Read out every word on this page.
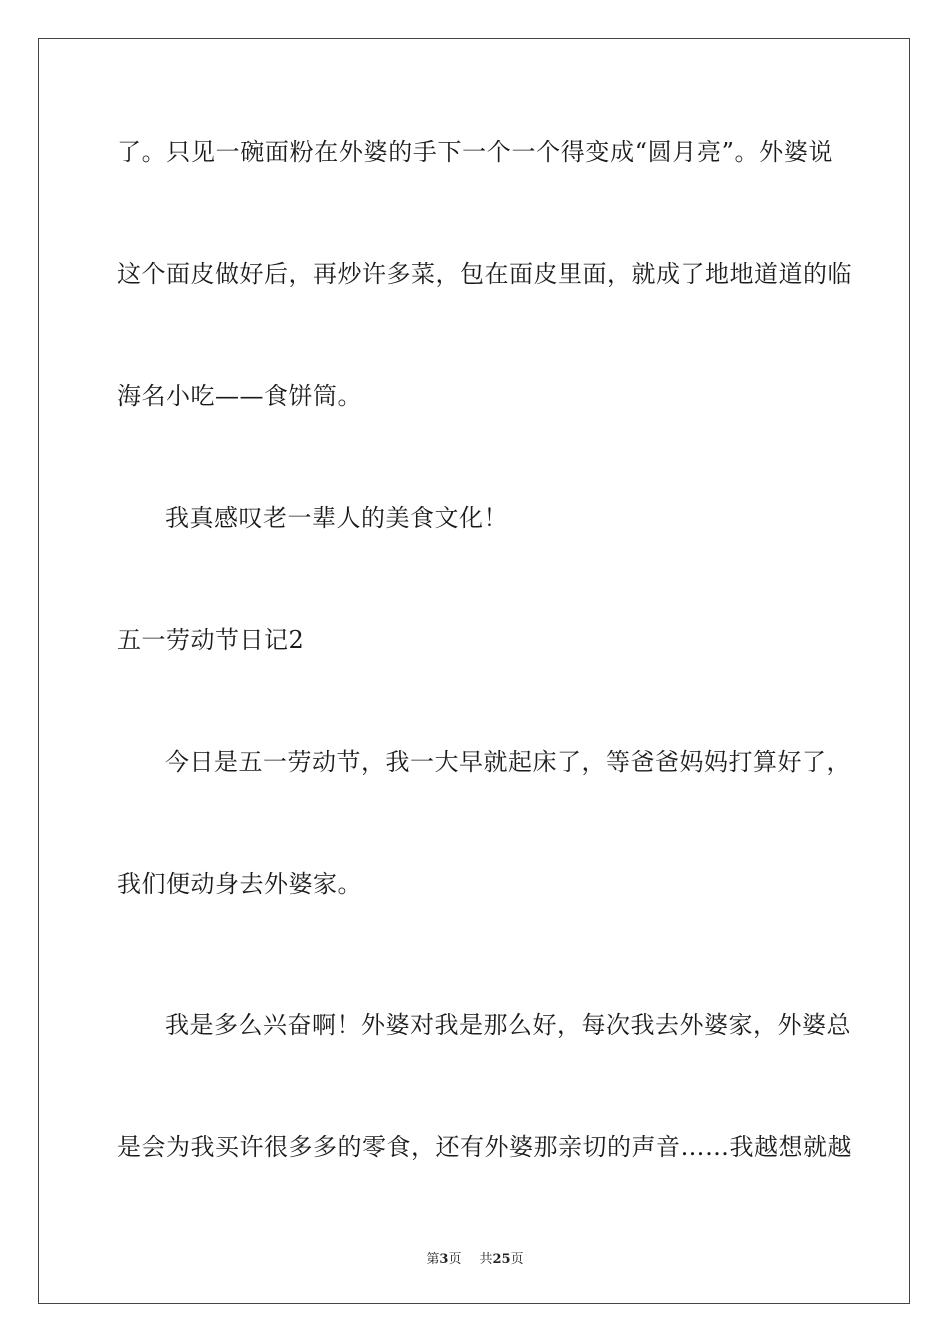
了。只见一碗面粉在外婆的手下一个一个得变成“圆月亮”。外婆说
这个面皮做好后，再炒许多菜，包在面皮里面，就成了地地道道的临
海名小吃——食饼筒。
我真感叹老一辈人的美食文化！
五一劳动节日记2
今日是五一劳动节，我一大早就起床了，等爸爸妈妈打算好了，
我们便动身去外婆家。
我是多么兴奋啊！外婆对我是那么好，每次我去外婆家，外婆总
是会为我买许很多多的零食，还有外婆那亲切的声音……我越想就越
第3页 共25页
